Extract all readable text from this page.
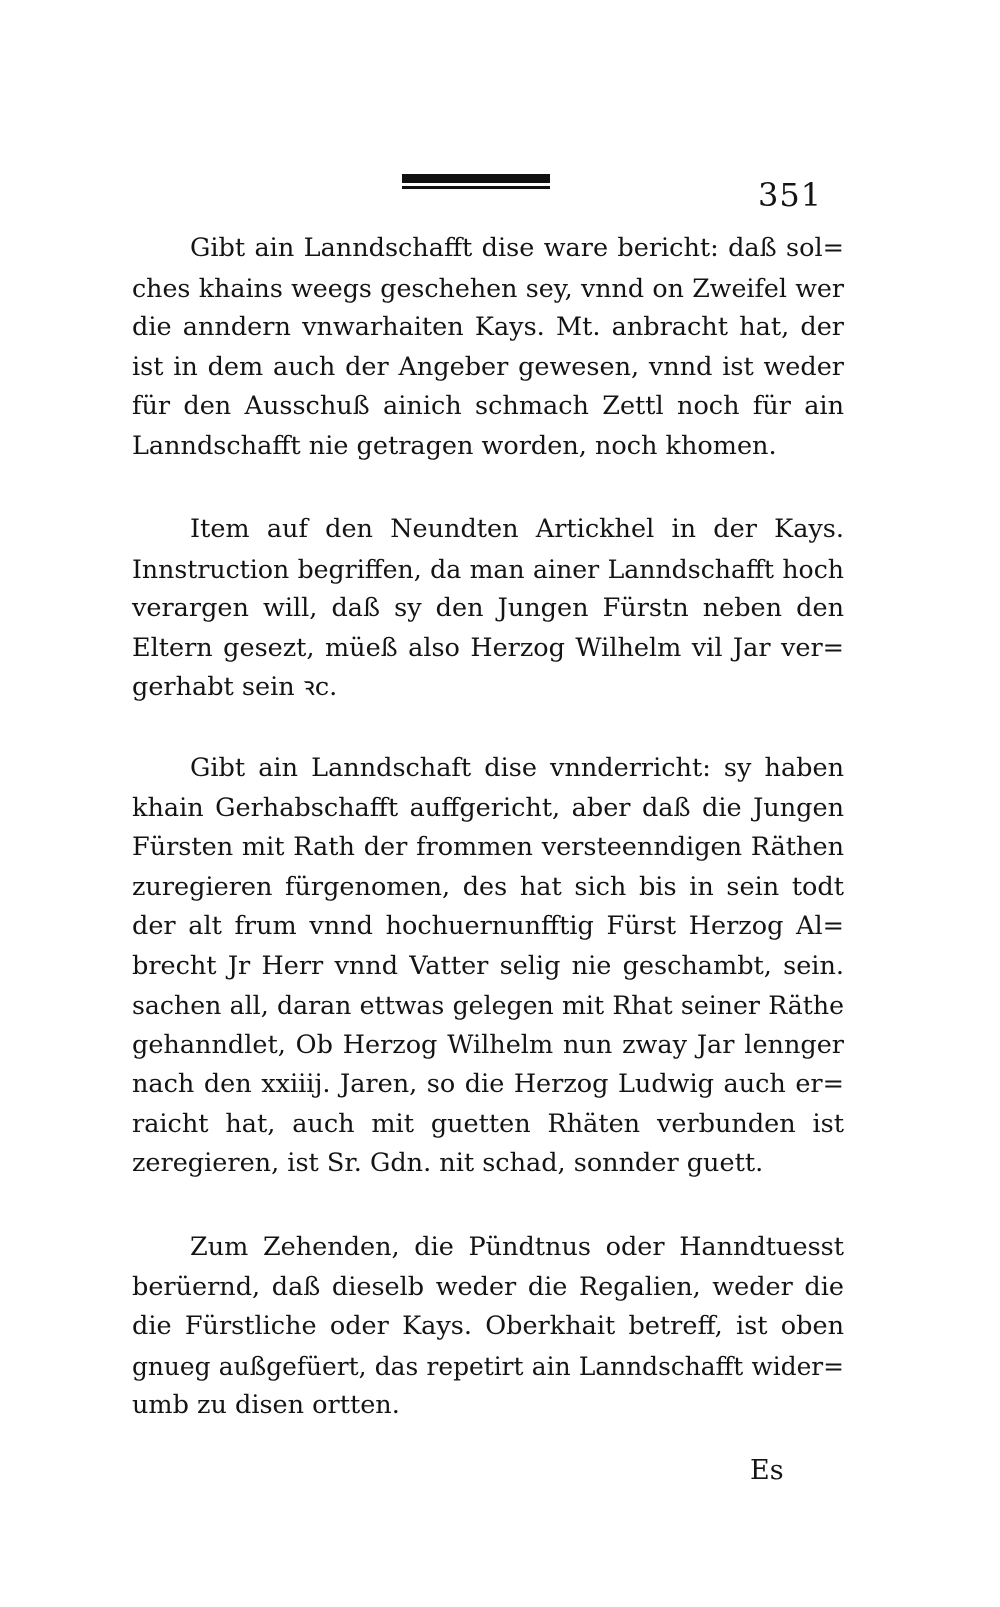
351
Gibt ain Lanndschafft dise ware bericht: daß sol=
ches khains weegs geschehen sey, vnnd on Zweifel wer
die anndern vnwarhaiten Kays. Mt. anbracht hat, der
ist in dem auch der Angeber gewesen, vnnd ist weder
für den Ausschuß ainich schmach Zettl noch für ain
Lanndschafft nie getragen worden, noch khomen.
Item auf den Neundten Artickhel in der Kays.
Innstruction begriffen, da man ainer Lanndschafft hoch
verargen will, daß sy den Jungen Fürstn neben den
Eltern gesezt, müeß also Herzog Wilhelm vil Jar ver=
gerhabt sein ꝛc.
Gibt ain Lanndschaft dise vnnderricht: sy haben
khain Gerhabschafft auffgericht, aber daß die Jungen
Fürsten mit Rath der frommen versteenndigen Räthen
zuregieren fürgenomen, des hat sich bis in sein todt
der alt frum vnnd hochuernunfftig Fürst Herzog Al=
brecht Jr Herr vnnd Vatter selig nie geschambt, sein.
sachen all, daran ettwas gelegen mit Rhat seiner Räthe
gehanndlet, Ob Herzog Wilhelm nun zway Jar lennger
nach den xxiiij. Jaren, so die Herzog Ludwig auch er=
raicht hat, auch mit guetten Rhäten verbunden ist
zeregieren, ist Sr. Gdn. nit schad, sonnder guett.
Zum Zehenden, die Pündtnus oder Hanndtuesst
berüernd, daß dieselb weder die Regalien, weder die
die Fürstliche oder Kays. Oberkhait betreff, ist oben
gnueg außgefüert, das repetirt ain Lanndschafft wider=
umb zu disen ortten.
Es
